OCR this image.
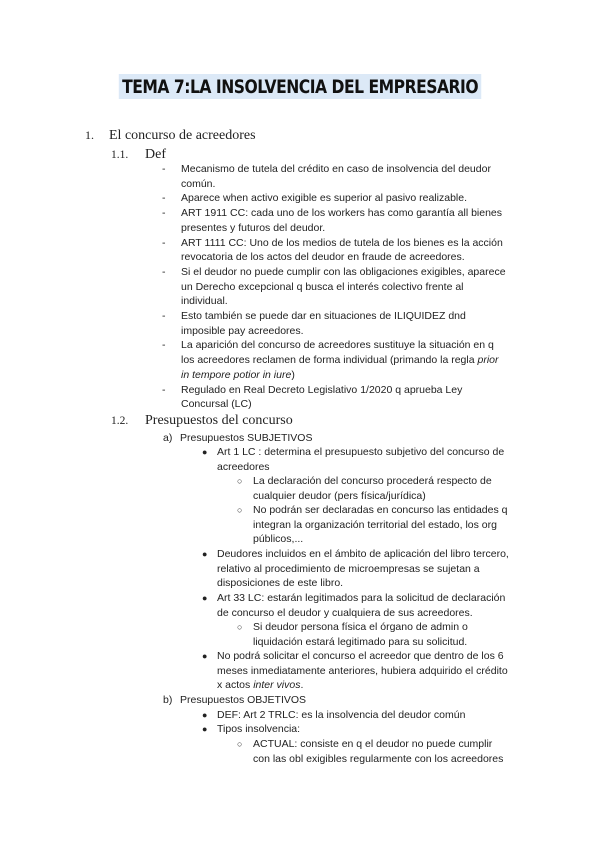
TEMA 7:LA INSOLVENCIA DEL EMPRESARIO
1. El concurso de acreedores
1.1. Def
- Mecanismo de tutela del crédito en caso de insolvencia del deudor
común.
- Aparece when activo exigible es superior al pasivo realizable.
- ART 1911 CC: cada uno de los workers has como garantía all bienes
presentes y futuros del deudor.
- ART 1111 CC: Uno de los medios de tutela de los bienes es la acción
revocatoria de los actos del deudor en fraude de acreedores.
- Si el deudor no puede cumplir con las obligaciones exigibles, aparece
un Derecho excepcional q busca el interés colectivo frente al
individual.
- Esto también se puede dar en situaciones de ILIQUIDEZ dnd
imposible pay acreedores.
- La aparición del concurso de acreedores sustituye la situación en q
los acreedores reclamen de forma individual (primando la regla prior
in tempore potior in iure)
- Regulado en Real Decreto Legislativo 1/2020 q aprueba Ley
Concursal (LC)
1.2. Presupuestos del concurso
a) Presupuestos SUBJETIVOS
● Art 1 LC : determina el presupuesto subjetivo del concurso de
acreedores
○ La declaración del concurso procederá respecto de
cualquier deudor (pers física/jurídica)
○ No podrán ser declaradas en concurso las entidades q
integran la organización territorial del estado, los org
públicos,...
● Deudores incluidos en el ámbito de aplicación del libro tercero,
relativo al procedimiento de microempresas se sujetan a
disposiciones de este libro.
● Art 33 LC: estarán legitimados para la solicitud de declaración
de concurso el deudor y cualquiera de sus acreedores.
○ Si deudor persona física el órgano de admin o
liquidación estará legitimado para su solicitud.
● No podrá solicitar el concurso el acreedor que dentro de los 6
meses inmediatamente anteriores, hubiera adquirido el crédito
x actos inter vivos.
b) Presupuestos OBJETIVOS
● DEF: Art 2 TRLC: es la insolvencia del deudor común
● Tipos insolvencia:
○ ACTUAL: consiste en q el deudor no puede cumplir
con las obl exigibles regularmente con los acreedores
